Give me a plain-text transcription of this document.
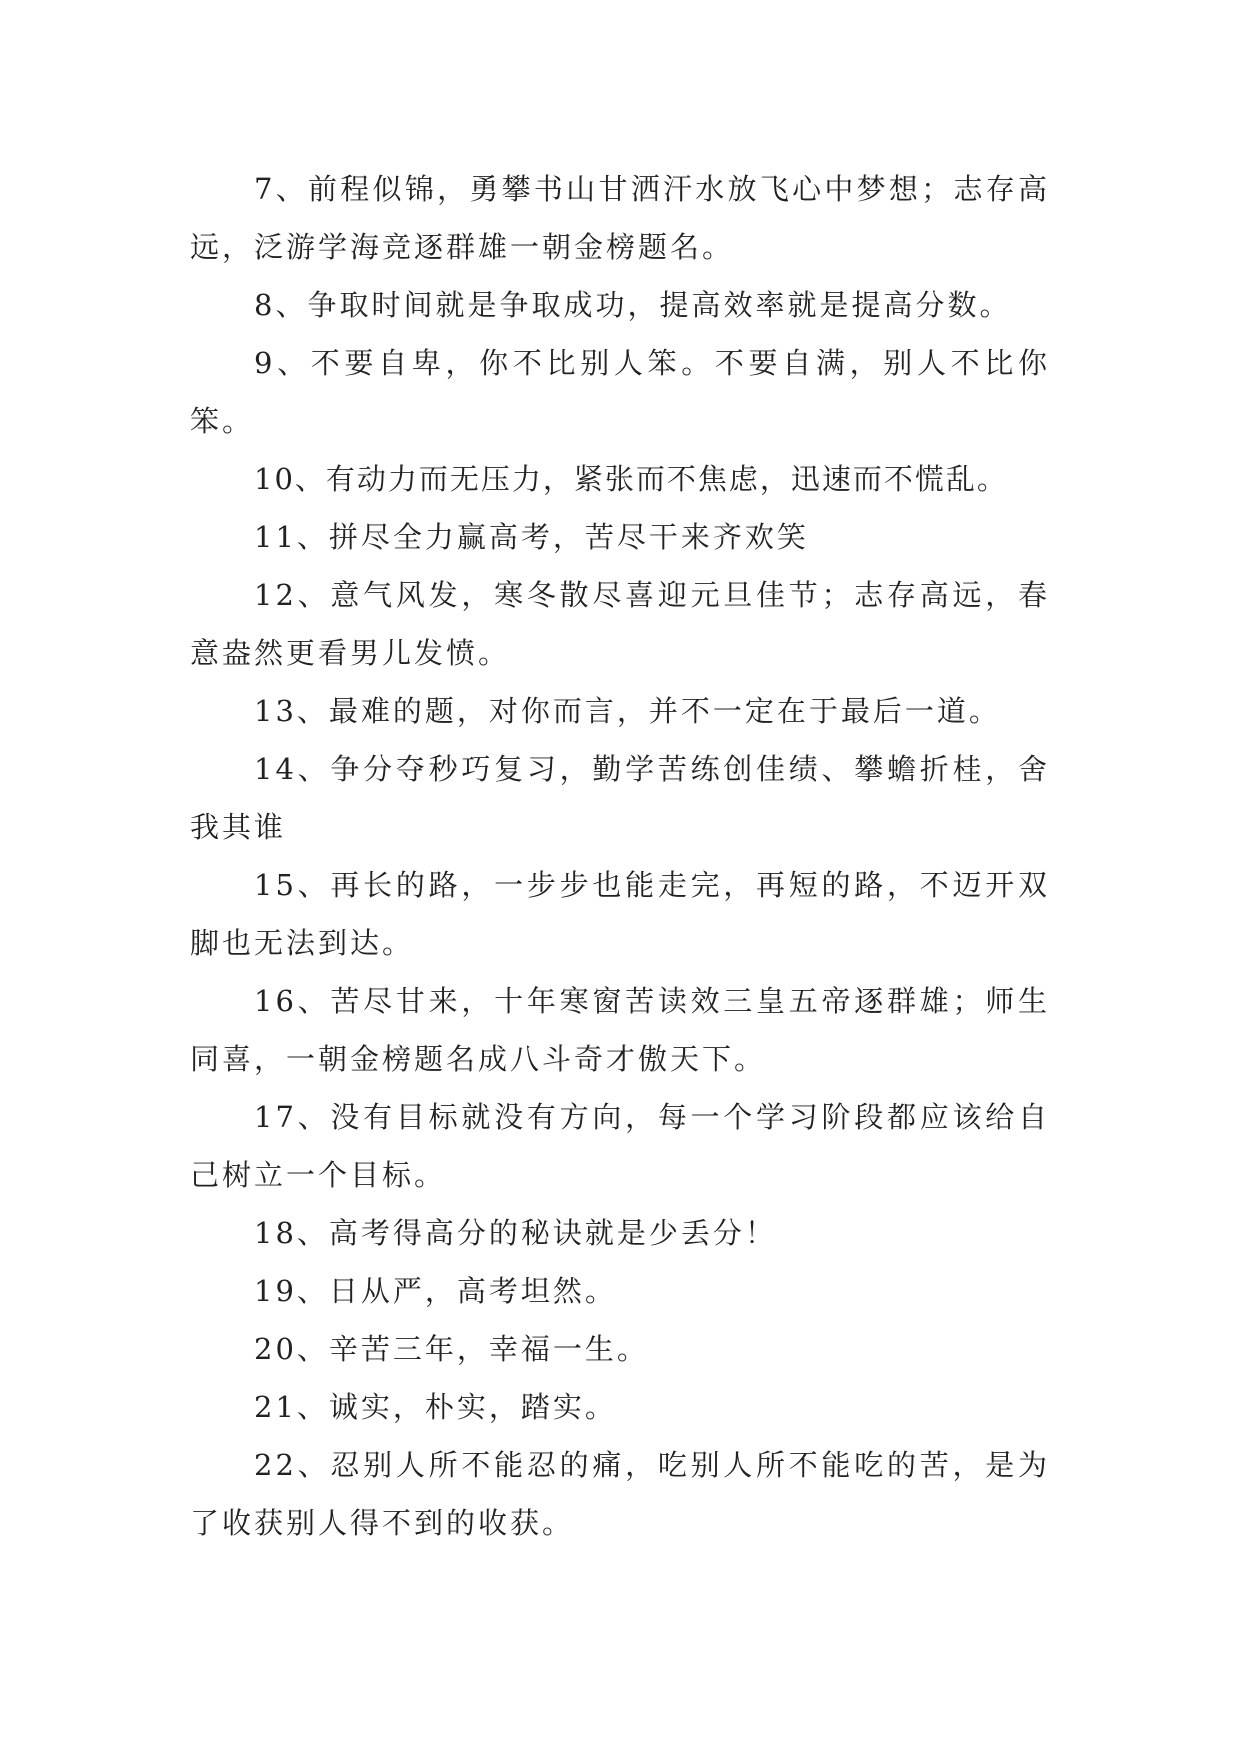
7、前程似锦，勇攀书山甘洒汗水放飞心中梦想；志存高远，泛游学海竞逐群雄一朝金榜题名。

8、争取时间就是争取成功，提高效率就是提高分数。

9、不要自卑，你不比别人笨。不要自满，别人不比你笨。

10、有动力而无压力，紧张而不焦虑，迅速而不慌乱。

11、拼尽全力赢高考，苦尽干来齐欢笑

12、意气风发，寒冬散尽喜迎元旦佳节；志存高远，春意盎然更看男儿发愤。

13、最难的题，对你而言，并不一定在于最后一道。

14、争分夺秒巧复习，勤学苦练创佳绩、攀蟾折桂，舍我其谁

15、再长的路，一步步也能走完，再短的路，不迈开双脚也无法到达。

16、苦尽甘来，十年寒窗苦读效三皇五帝逐群雄；师生同喜，一朝金榜题名成八斗奇才傲天下。

17、没有目标就没有方向，每一个学习阶段都应该给自己树立一个目标。

18、高考得高分的秘诀就是少丢分！

19、日从严，高考坦然。

20、辛苦三年，幸福一生。

21、诚实，朴实，踏实。

22、忍别人所不能忍的痛，吃别人所不能吃的苦，是为了收获别人得不到的收获。
